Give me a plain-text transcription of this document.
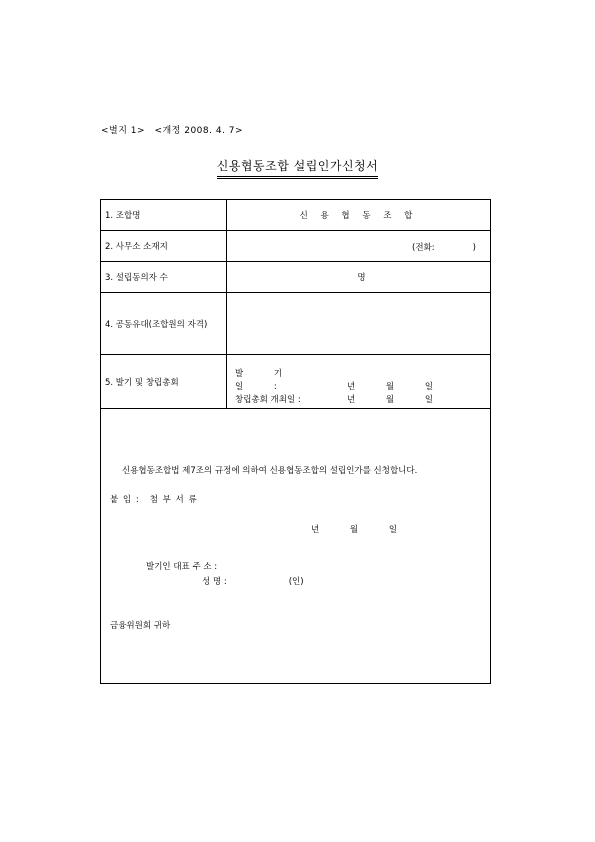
<별지 1> <개정 2008. 4. 7>
신용협동조합 설립인가신청서
1. 조합명	신 용 협 동 조 합
2. 사무소 소재지	(전화:	)
3. 설립동의자 수	명
4. 공동유대(조합원의 자격)
5. 발기 및 창립총회
발 기 일 :	년 월 일
창립총회 개최일 :	년 월 일
신용협동조합법 제7조의 규정에 의하여 신용협동조합의 설립인가를 신청합니다.
붙 임 : 첨 부 서 류
년 월 일
발기인 대표 주 소 :
성 명 :	(인)
금융위원회 귀하
